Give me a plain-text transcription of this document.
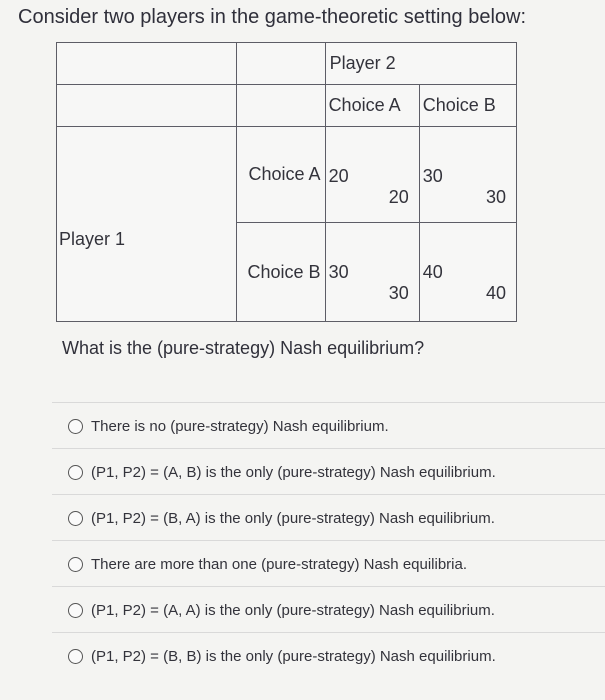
Consider two players in the game-theoretic setting below:
		Player 2	
		Choice A	Choice B
Player 1	Choice A	20	30
		20	30
	Choice B	30	40
		30	40

What is the (pure-strategy) Nash equilibrium?

There is no (pure-strategy) Nash equilibrium.
(P1, P2) = (A, B) is the only (pure-strategy) Nash equilibrium.
(P1, P2) = (B, A) is the only (pure-strategy) Nash equilibrium.
There are more than one (pure-strategy) Nash equilibria.
(P1, P2) = (A, A) is the only (pure-strategy) Nash equilibrium.
(P1, P2) = (B, B) is the only (pure-strategy) Nash equilibrium.
